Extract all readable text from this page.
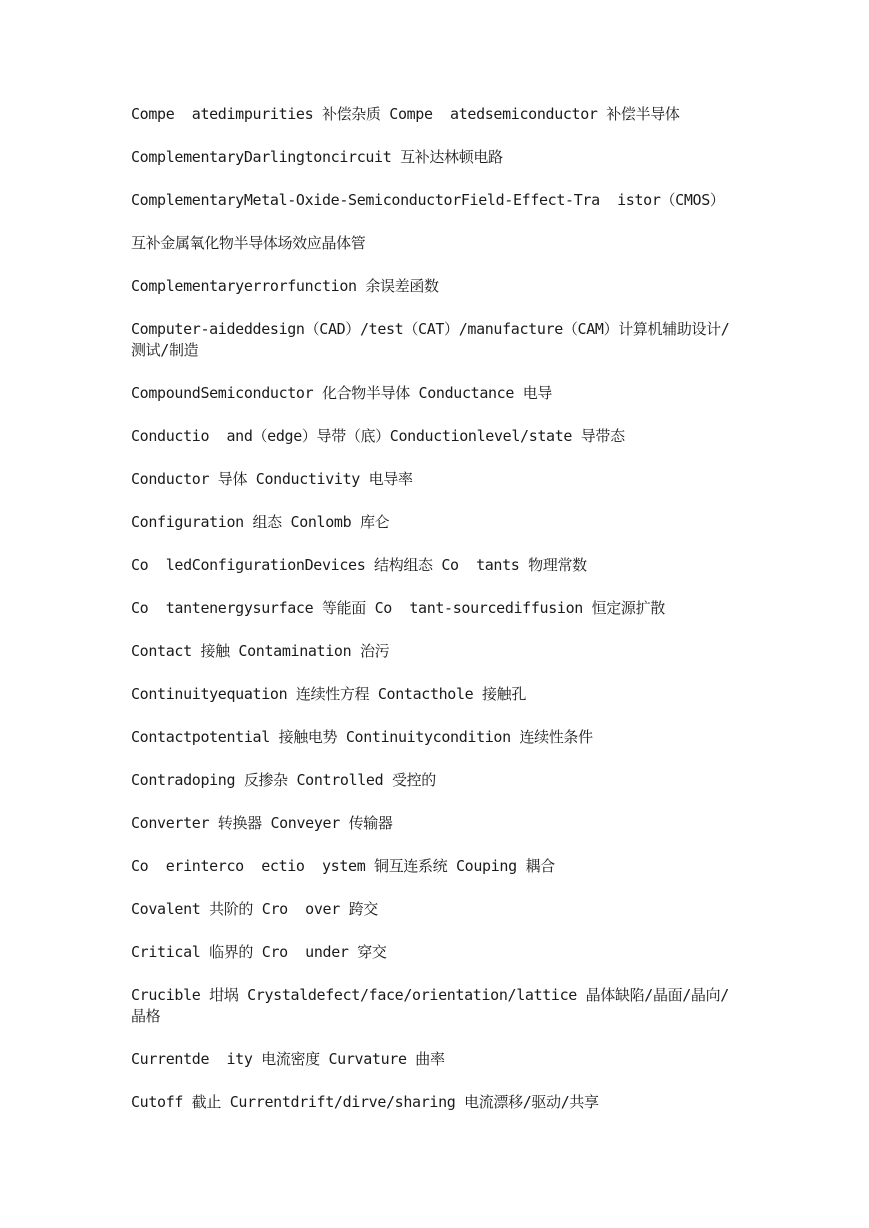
Compe  atedimpurities 补偿杂质 Compe  atedsemiconductor 补偿半导体
ComplementaryDarlingtoncircuit 互补达林顿电路
ComplementaryMetal-Oxide-SemiconductorField-Effect-Tra  istor（CMOS）
互补金属氧化物半导体场效应晶体管
Complementaryerrorfunction 余误差函数
Computer-aideddesign（CAD）/test（CAT）/manufacture（CAM）计算机辅助设计/测试/制造
CompoundSemiconductor 化合物半导体 Conductance 电导
Conductio  and（edge）导带（底）Conductionlevel/state 导带态
Conductor 导体 Conductivity 电导率
Configuration 组态 Conlomb 库仑
Co  ledConfigurationDevices 结构组态 Co  tants 物理常数
Co  tantenergysurface 等能面 Co  tant-sourcediffusion 恒定源扩散
Contact 接触 Contamination 治污
Continuityequation 连续性方程 Contacthole 接触孔
Contactpotential 接触电势 Continuitycondition 连续性条件
Contradoping 反掺杂 Controlled 受控的
Converter 转换器 Conveyer 传输器
Co  erinterco  ectio  ystem 铜互连系统 Couping 耦合
Covalent 共阶的 Cro  over 跨交
Critical 临界的 Cro  under 穿交
Crucible 坩埚 Crystaldefect/face/orientation/lattice 晶体缺陷/晶面/晶向/晶格
Currentde  ity 电流密度 Curvature 曲率
Cutoff 截止 Currentdrift/dirve/sharing 电流漂移/驱动/共享
